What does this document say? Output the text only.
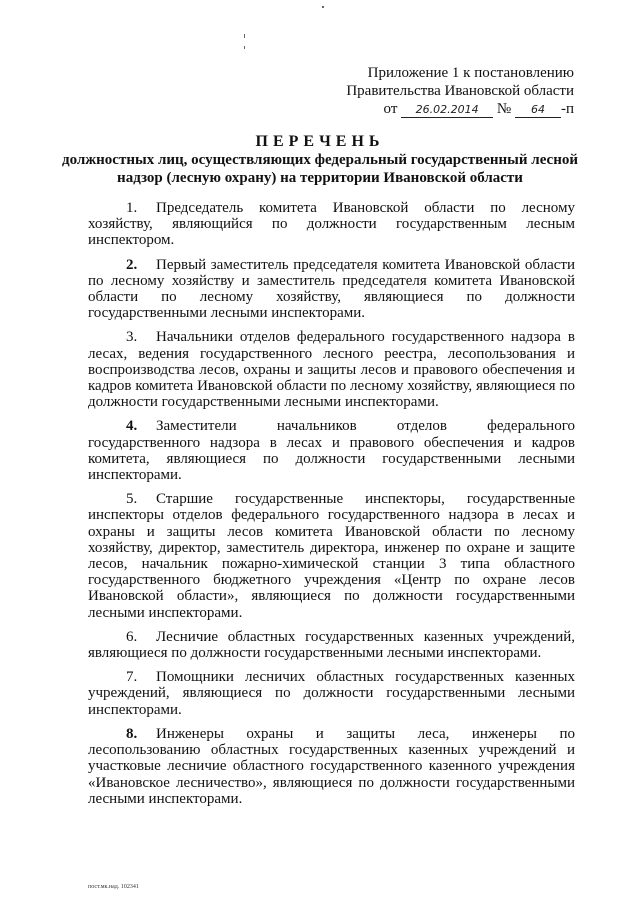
Приложение 1 к постановлению
Правительства Ивановской области
от 26.02.2014 № 64 -п
ПЕРЕЧЕНЬ
должностных лиц, осуществляющих федеральный государственный лесной надзор (лесную охрану) на территории Ивановской области

1. Председатель комитета Ивановской области по лесному хозяйству, являющийся по должности государственным лесным инспектором.

2. Первый заместитель председателя комитета Ивановской области по лесному хозяйству и заместитель председателя комитета Ивановской области по лесному хозяйству, являющиеся по должности государственными лесными инспекторами.

3. Начальники отделов федерального государственного надзора в лесах, ведения государственного лесного реестра, лесопользования и воспроизводства лесов, охраны и защиты лесов и правового обеспечения и кадров комитета Ивановской области по лесному хозяйству, являющиеся по должности государственными лесными инспекторами.

4. Заместители начальников отделов федерального государственного надзора в лесах и правового обеспечения и кадров комитета, являющиеся по должности государственными лесными инспекторами.

5. Старшие государственные инспекторы, государственные инспекторы отделов федерального государственного надзора в лесах и охраны и защиты лесов комитета Ивановской области по лесному хозяйству, директор, заместитель директора, инженер по охране и защите лесов, начальник пожарно-химической станции 3 типа областного государственного бюджетного учреждения «Центр по охране лесов Ивановской области», являющиеся по должности государственными лесными инспекторами.

6. Лесничие областных государственных казенных учреждений, являющиеся по должности государственными лесными инспекторами.

7. Помощники лесничих областных государственных казенных учреждений, являющиеся по должности государственными лесными инспекторами.

8. Инженеры охраны и защиты леса, инженеры по лесопользованию областных государственных казенных учреждений и участковые лесничие областного государственного казенного учреждения «Ивановское лесничество», являющиеся по должности государственными лесными инспекторами.

пост.мк.над. 102341
